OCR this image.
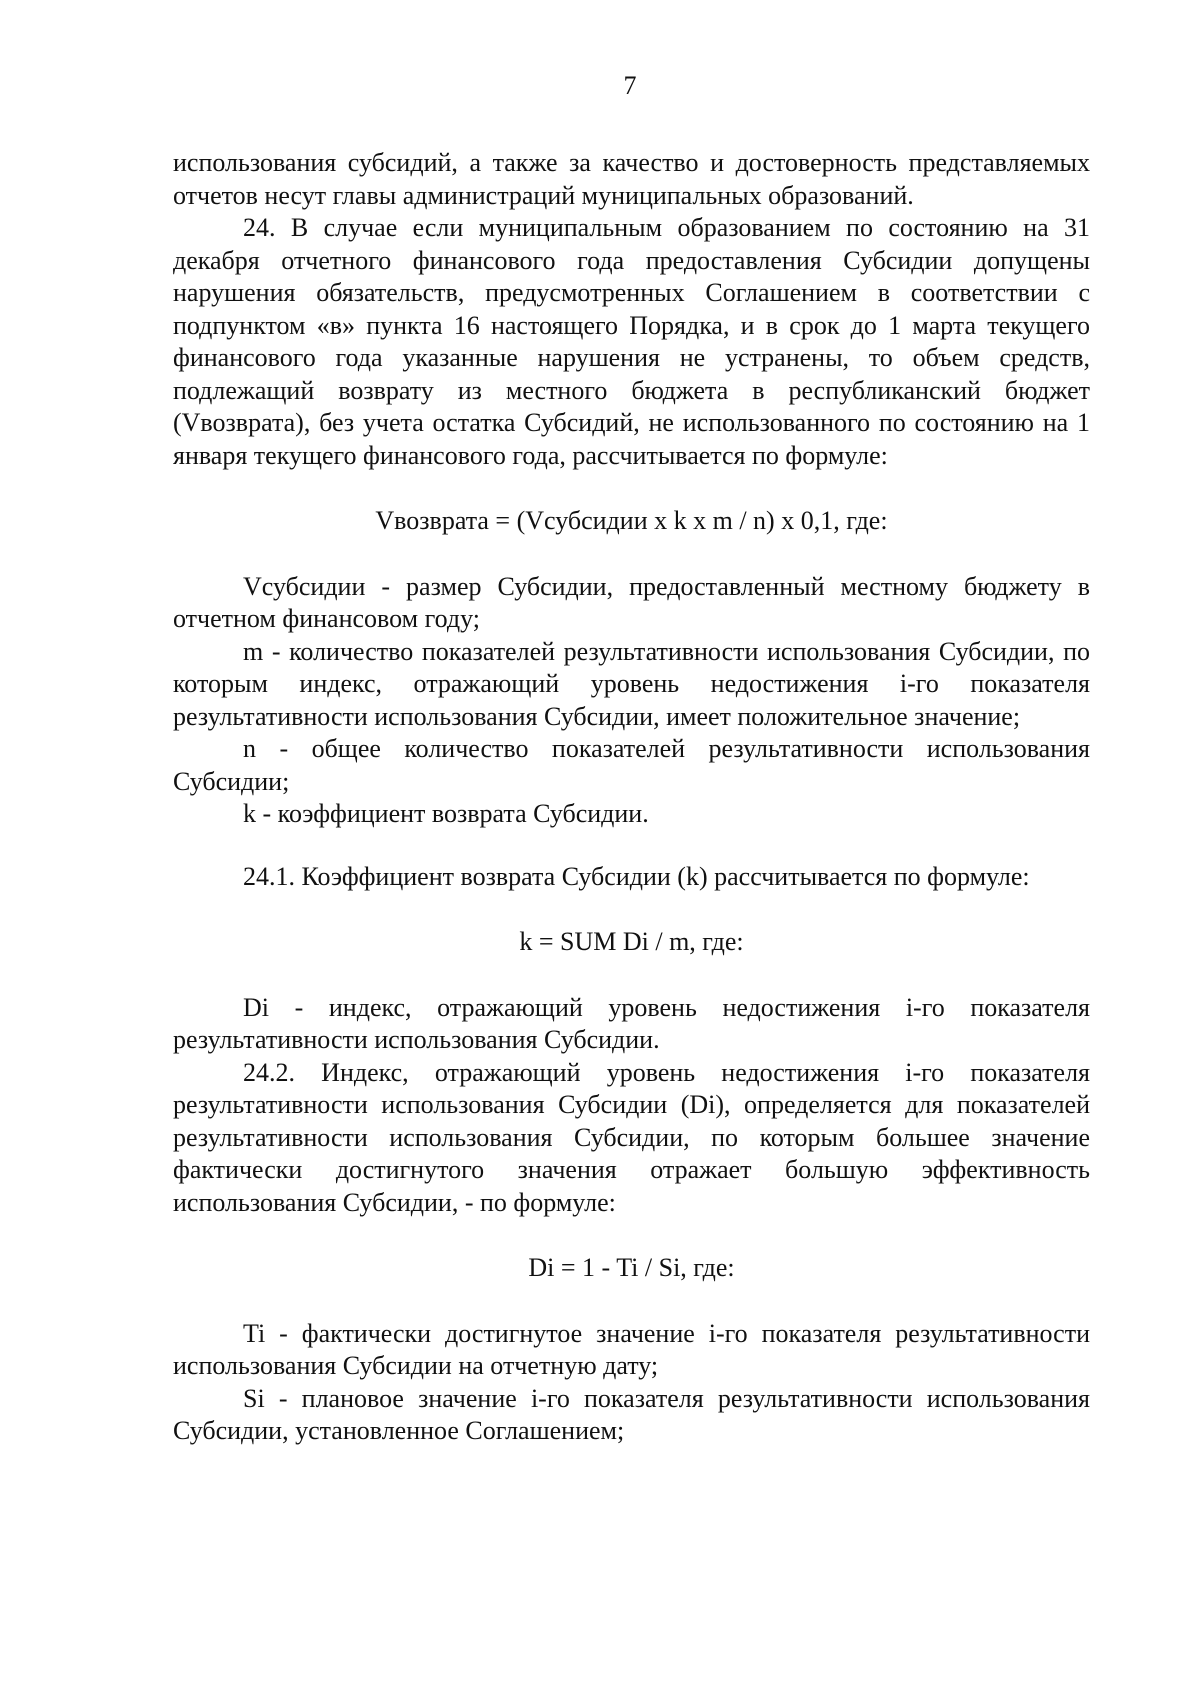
7

использования субсидий, а также за качество и достоверность представляемых отчетов несут главы администраций муниципальных образований.

24. В случае если муниципальным образованием по состоянию на 31 декабря отчетного финансового года предоставления Субсидии допущены нарушения обязательств, предусмотренных Соглашением в соответствии с подпунктом «в» пункта 16 настоящего Порядка, и в срок до 1 марта текущего финансового года указанные нарушения не устранены, то объем средств, подлежащий возврату из местного бюджета в республиканский бюджет (Vвозврата), без учета остатка Субсидий, не использованного по состоянию на 1 января текущего финансового года, рассчитывается по формуле:

Vвозврата = (Vсубсидии x k x m / n) x 0,1, где:

Vсубсидии - размер Субсидии, предоставленный местному бюджету в отчетном финансовом году;

m - количество показателей результативности использования Субсидии, по которым индекс, отражающий уровень недостижения i-го показателя результативности использования Субсидии, имеет положительное значение;

n - общее количество показателей результативности использования Субсидии;

k - коэффициент возврата Субсидии.

24.1. Коэффициент возврата Субсидии (k) рассчитывается по формуле:

k = SUM Di / m, где:

Di - индекс, отражающий уровень недостижения i-го показателя результативности использования Субсидии.

24.2. Индекс, отражающий уровень недостижения i-го показателя результативности использования Субсидии (Di), определяется для показателей результативности использования Субсидии, по которым большее значение фактически достигнутого значения отражает большую эффективность использования Субсидии, - по формуле:

Di = 1 - Ti / Si, где:

Ti - фактически достигнутое значение i-го показателя результативности использования Субсидии на отчетную дату;

Si - плановое значение i-го показателя результативности использования Субсидии, установленное Соглашением;
